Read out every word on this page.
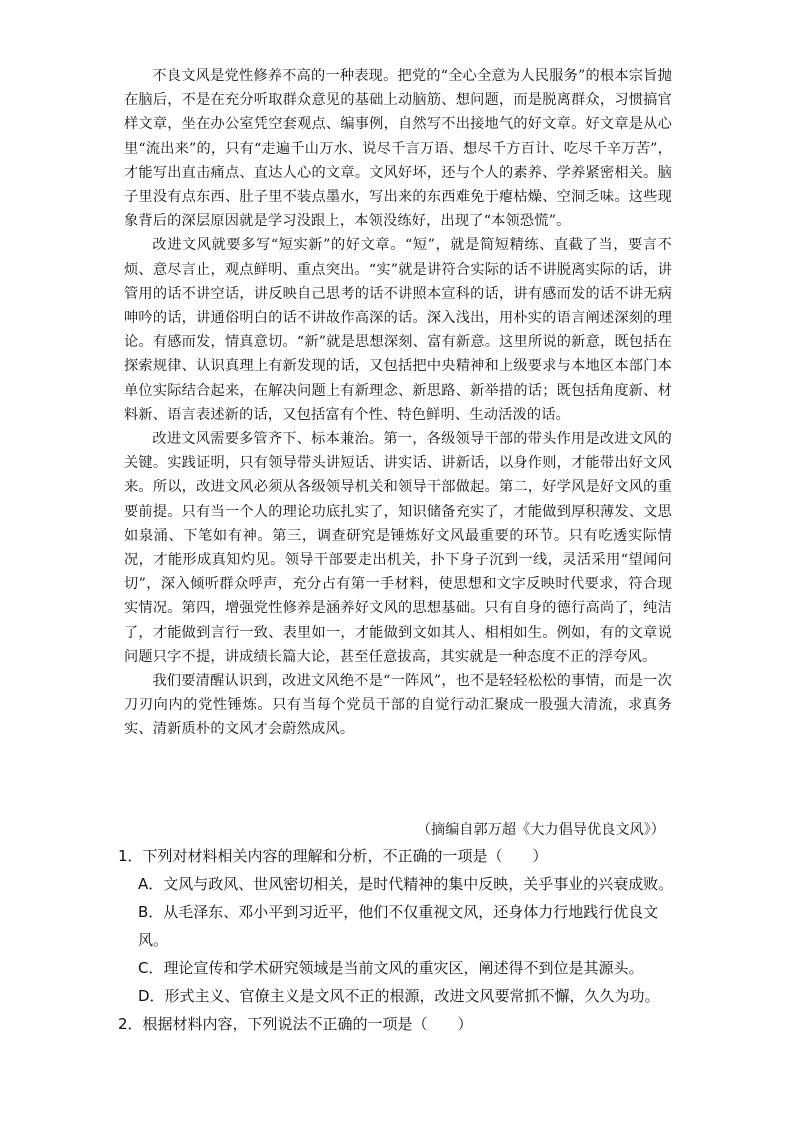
不良文风是党性修养不高的一种表现。把党的“全心全意为人民服务”的根本宗旨抛在脑后，不是在充分听取群众意见的基础上动脑筋、想问题，而是脱离群众，习惯搞官样文章，坐在办公室凭空套观点、编事例，自然写不出接地气的好文章。好文章是从心里“流出来”的，只有“走遍千山万水、说尽千言万语、想尽千方百计、吃尽千辛万苦”，才能写出直击痛点、直达人心的文章。文风好坏，还与个人的素养、学养紧密相关。脑子里没有点东西、肚子里不装点墨水，写出来的东西难免于瘪枯燥、空洞乏味。这些现象背后的深层原因就是学习没跟上，本领没练好，出现了“本领恐慌”。

改进文风就要多写“短实新”的好文章。“短”，就是简短精练、直截了当，要言不烦、意尽言止，观点鲜明、重点突出。“实”就是讲符合实际的话不讲脱离实际的话，讲管用的话不讲空话，讲反映自己思考的话不讲照本宣科的话，讲有感而发的话不讲无病呻吟的话，讲通俗明白的话不讲故作高深的话。深入浅出，用朴实的语言阐述深刻的理论。有感而发，情真意切。“新”就是思想深刻、富有新意。这里所说的新意，既包括在探索规律、认识真理上有新发现的话，又包括把中央精神和上级要求与本地区本部门本单位实际结合起来，在解决问题上有新理念、新思路、新举措的话；既包括角度新、材料新、语言表述新的话，又包括富有个性、特色鲜明、生动活泼的话。

改进文风需要多管齐下、标本兼治。第一，各级领导干部的带头作用是改进文风的关键。实践证明，只有领导带头讲短话、讲实话、讲新话，以身作则，才能带出好文风来。所以，改进文风必须从各级领导机关和领导干部做起。第二，好学风是好文风的重要前提。只有当一个人的理论功底扎实了，知识储备充实了，才能做到厚积薄发、文思如泉涌、下笔如有神。第三，调查研究是锤炼好文风最重要的环节。只有吃透实际情况，才能形成真知灼见。领导干部要走出机关，扑下身子沉到一线，灵活采用“望闻问切”，深入倾听群众呼声，充分占有第一手材料，使思想和文字反映时代要求，符合现实情况。第四，增强党性修养是涵养好文风的思想基础。只有自身的德行高尚了，纯洁了，才能做到言行一致、表里如一，才能做到文如其人、相相如生。例如，有的文章说问题只字不提，讲成绩长篇大论，甚至任意拔高，其实就是一种态度不正的浮夸风。

我们要清醒认识到，改进文风绝不是“一阵风”，也不是轻轻松松的事情，而是一次刀刃向内的党性锤炼。只有当每个党员干部的自觉行动汇聚成一股强大清流，求真务实、清新质朴的文风才会蔚然成风。

（摘编自郭万超《大力倡导优良文风》）

1．下列对材料相关内容的理解和分析，不正确的一项是（　　）

A．文风与政风、世风密切相关，是时代精神的集中反映，关乎事业的兴衰成败。

B．从毛泽东、邓小平到习近平，他们不仅重视文风，还身体力行地践行优良文风。

C．理论宣传和学术研究领域是当前文风的重灾区，阐述得不到位是其源头。

D．形式主义、官僚主义是文风不正的根源，改进文风要常抓不懈，久久为功。

2．根据材料内容，下列说法不正确的一项是（　　）
